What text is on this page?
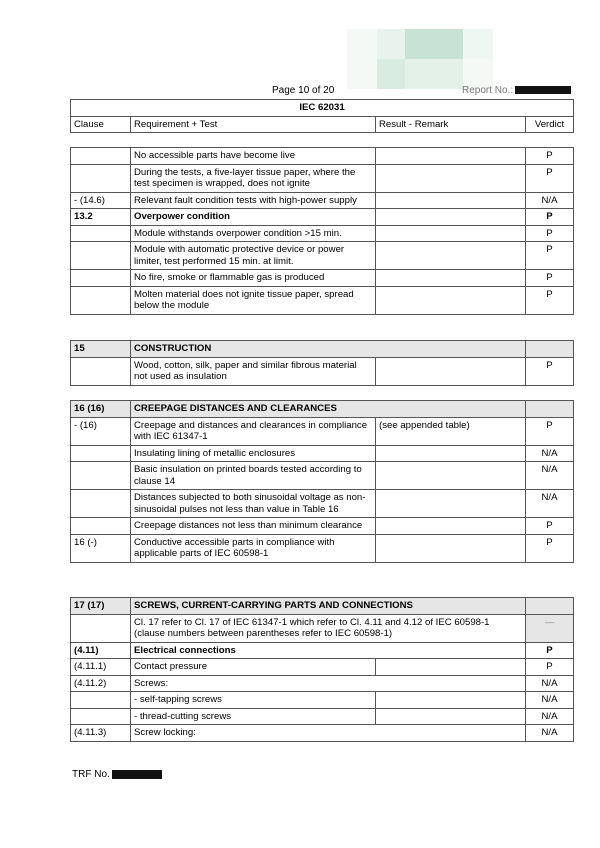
Page 10 of 20	Report No.:
IEC 62031
Clause	Requirement + Test	Result - Remark	Verdict
	No accessible parts have become live		P
	During the tests, a five-layer tissue paper, where the test specimen is wrapped, does not ignite		P
- (14.6)	Relevant fault condition tests with high-power supply		N/A
13.2	Overpower condition		P
	Module withstands overpower condition >15 min.		P
	Module with automatic protective device or power limiter, test performed 15 min. at limit.		P
	No fire, smoke or flammable gas is produced		P
	Molten material does not ignite tissue paper, spread below the module		P
15	CONSTRUCTION		
	Wood, cotton, silk, paper and similar fibrous material not used as insulation		P
16 (16)	CREEPAGE DISTANCES AND CLEARANCES		
- (16)	Creepage and distances and clearances in compliance with IEC 61347-1	(see appended table)	P
	Insulating lining of metallic enclosures		N/A
	Basic insulation on printed boards tested according to clause 14		N/A
	Distances subjected to both sinusoidal voltage as non-sinusoidal pulses not less than value in Table 16		N/A
	Creepage distances not less than minimum clearance		P
16 (-)	Conductive accessible parts in compliance with applicable parts of IEC 60598-1		P
17 (17)	SCREWS, CURRENT-CARRYING PARTS AND CONNECTIONS		
	Cl. 17 refer to Cl. 17 of IEC 61347-1 which refer to Cl. 4.11 and 4.12 of IEC 60598-1 (clause numbers between parentheses refer to IEC 60598-1)		—
(4.11)	Electrical connections		P
(4.11.1)	Contact pressure		P
(4.11.2)	Screws:		N/A
	- self-tapping screws		N/A
	- thread-cutting screws		N/A
(4.11.3)	Screw locking:		N/A
TRF No.
